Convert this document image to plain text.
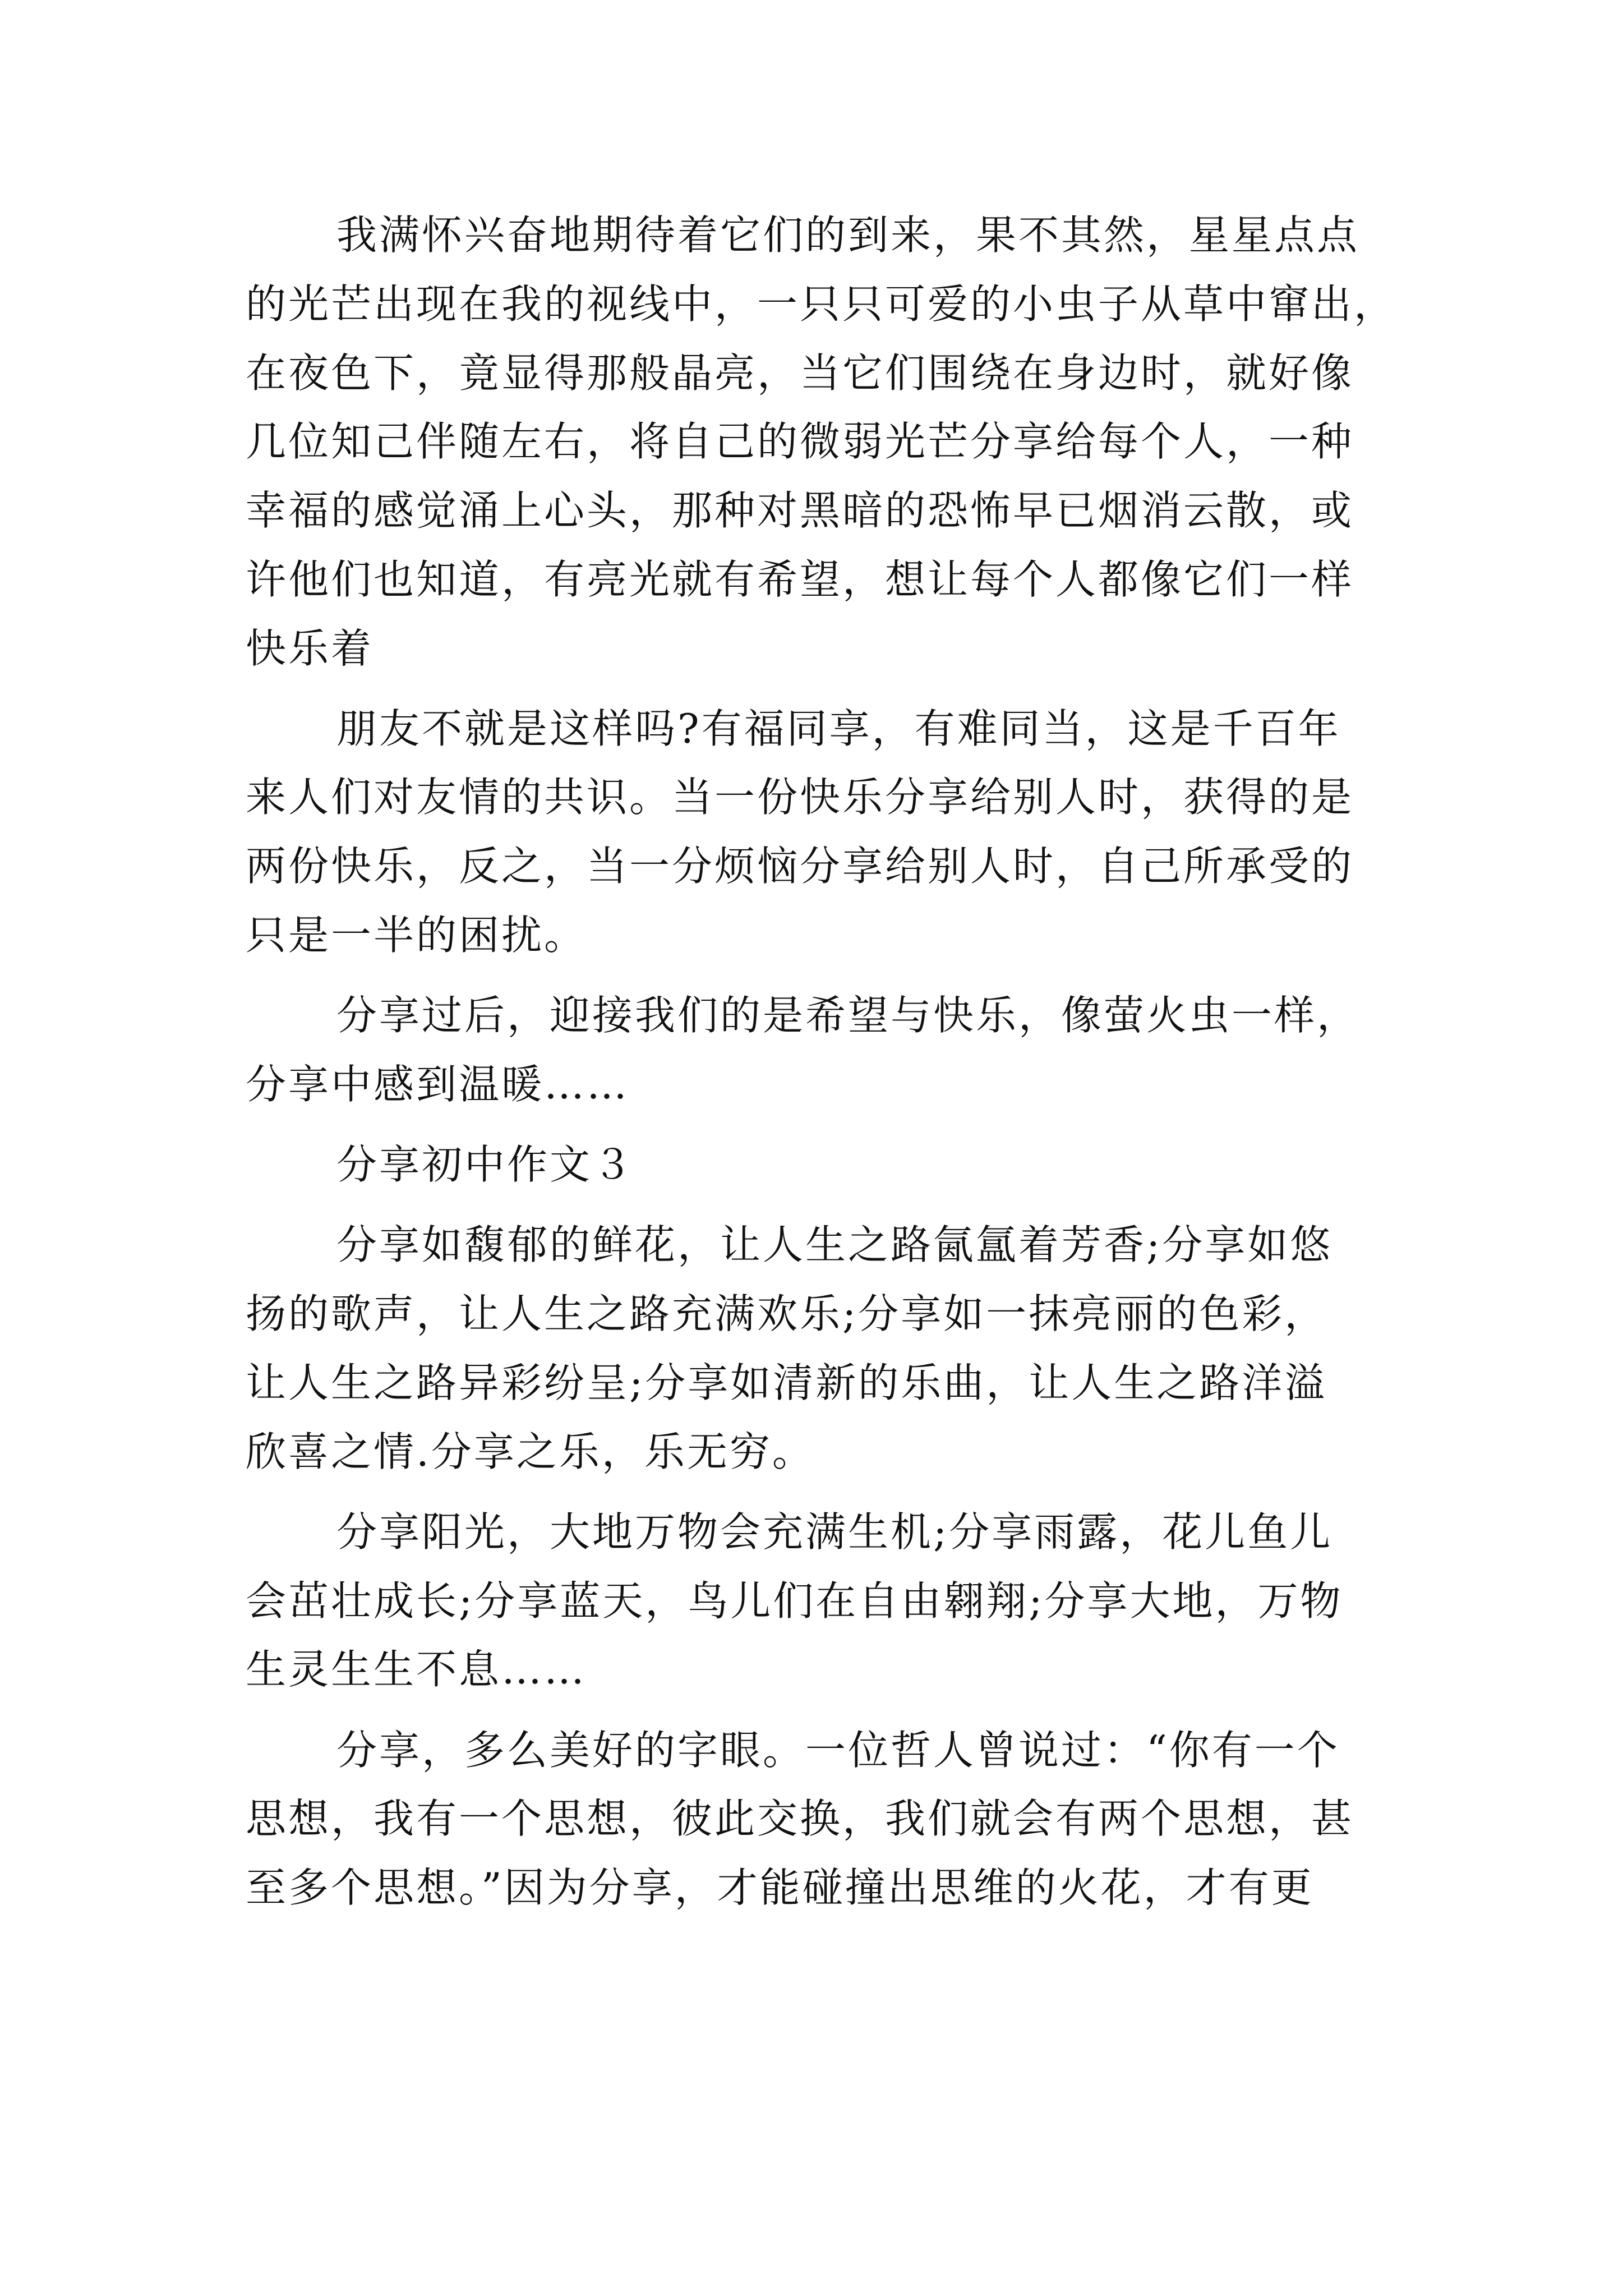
我满怀兴奋地期待着它们的到来，果不其然，星星点点
的光芒出现在我的视线中，一只只可爱的小虫子从草中窜出，
在夜色下，竟显得那般晶亮，当它们围绕在身边时，就好像
几位知己伴随左右，将自己的微弱光芒分享给每个人，一种
幸福的感觉涌上心头，那种对黑暗的恐怖早已烟消云散，或
许他们也知道，有亮光就有希望，想让每个人都像它们一样
快乐着
朋友不就是这样吗?有福同享，有难同当，这是千百年
来人们对友情的共识。当一份快乐分享给别人时，获得的是
两份快乐，反之，当一分烦恼分享给别人时，自己所承受的
只是一半的困扰。
分享过后，迎接我们的是希望与快乐，像萤火虫一样，
分享中感到温暖……
分享初中作文３
分享如馥郁的鲜花，让人生之路氤氲着芳香;分享如悠
扬的歌声，让人生之路充满欢乐;分享如一抹亮丽的色彩，
让人生之路异彩纷呈;分享如清新的乐曲，让人生之路洋溢
欣喜之情.分享之乐，乐无穷。
分享阳光，大地万物会充满生机;分享雨露，花儿鱼儿
会茁壮成长;分享蓝天，鸟儿们在自由翱翔;分享大地，万物
生灵生生不息……
分享，多么美好的字眼。一位哲人曾说过：“你有一个
思想，我有一个思想，彼此交换，我们就会有两个思想，甚
至多个思想。”因为分享，才能碰撞出思维的火花，才有更
